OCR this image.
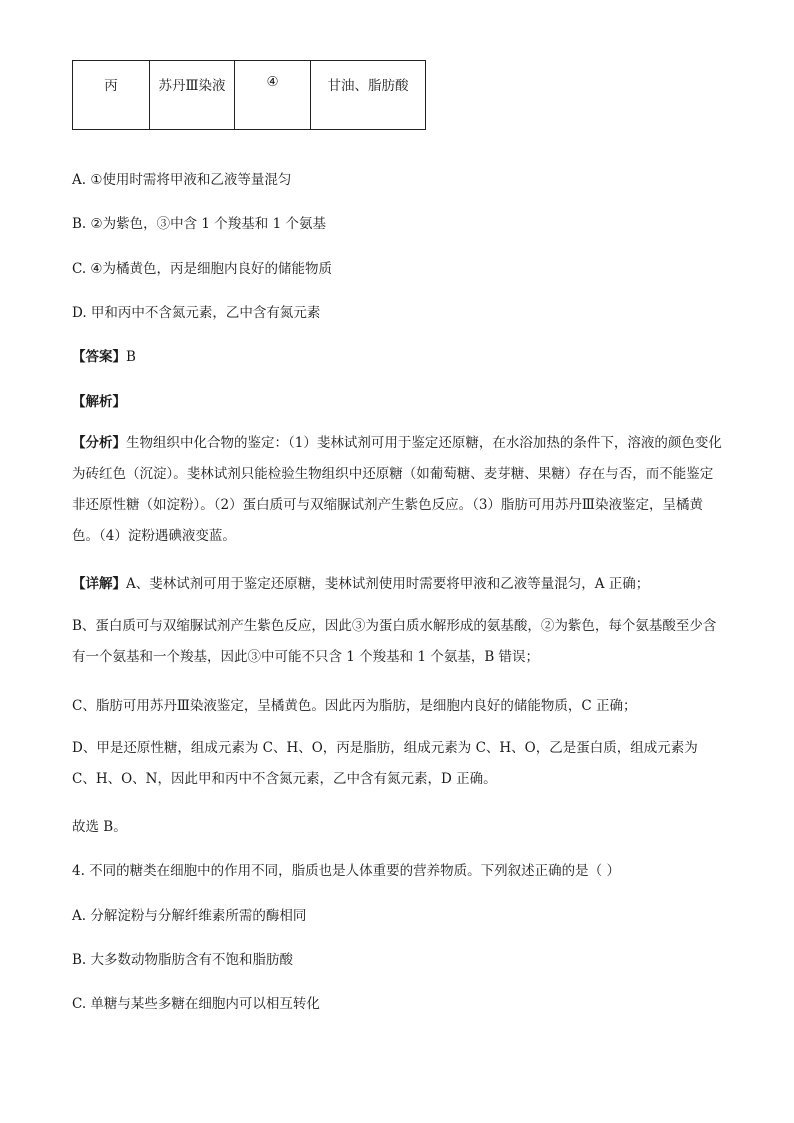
丙	苏丹Ⅲ染液	④	甘油、脂肪酸
A. ①使用时需将甲液和乙液等量混匀
B. ②为紫色，③中含 1 个羧基和 1 个氨基
C. ④为橘黄色，丙是细胞内良好的储能物质
D. 甲和丙中不含氮元素，乙中含有氮元素
【答案】B
【解析】
【分析】生物组织中化合物的鉴定：（1）斐林试剂可用于鉴定还原糖，在水浴加热的条件下，溶液的颜色变化为砖红色（沉淀）。斐林试剂只能检验生物组织中还原糖（如葡萄糖、麦芽糖、果糖）存在与否，而不能鉴定非还原性糖（如淀粉）。（2）蛋白质可与双缩脲试剂产生紫色反应。（3）脂肪可用苏丹Ⅲ染液鉴定，呈橘黄色。（4）淀粉遇碘液变蓝。
【详解】A、斐林试剂可用于鉴定还原糖，斐林试剂使用时需要将甲液和乙液等量混匀，A 正确；
B、蛋白质可与双缩脲试剂产生紫色反应，因此③为蛋白质水解形成的氨基酸，②为紫色，每个氨基酸至少含有一个氨基和一个羧基，因此③中可能不只含 1 个羧基和 1 个氨基，B 错误；
C、脂肪可用苏丹Ⅲ染液鉴定，呈橘黄色。因此丙为脂肪，是细胞内良好的储能物质，C 正确；
D、甲是还原性糖，组成元素为 C、H、O，丙是脂肪，组成元素为 C、H、O，乙是蛋白质，组成元素为 C、H、O、N，因此甲和丙中不含氮元素，乙中含有氮元素，D 正确。
故选 B。
4. 不同的糖类在细胞中的作用不同，脂质也是人体重要的营养物质。下列叙述正确的是（ ）
A. 分解淀粉与分解纤维素所需的酶相同
B. 大多数动物脂肪含有不饱和脂肪酸
C. 单糖与某些多糖在细胞内可以相互转化
